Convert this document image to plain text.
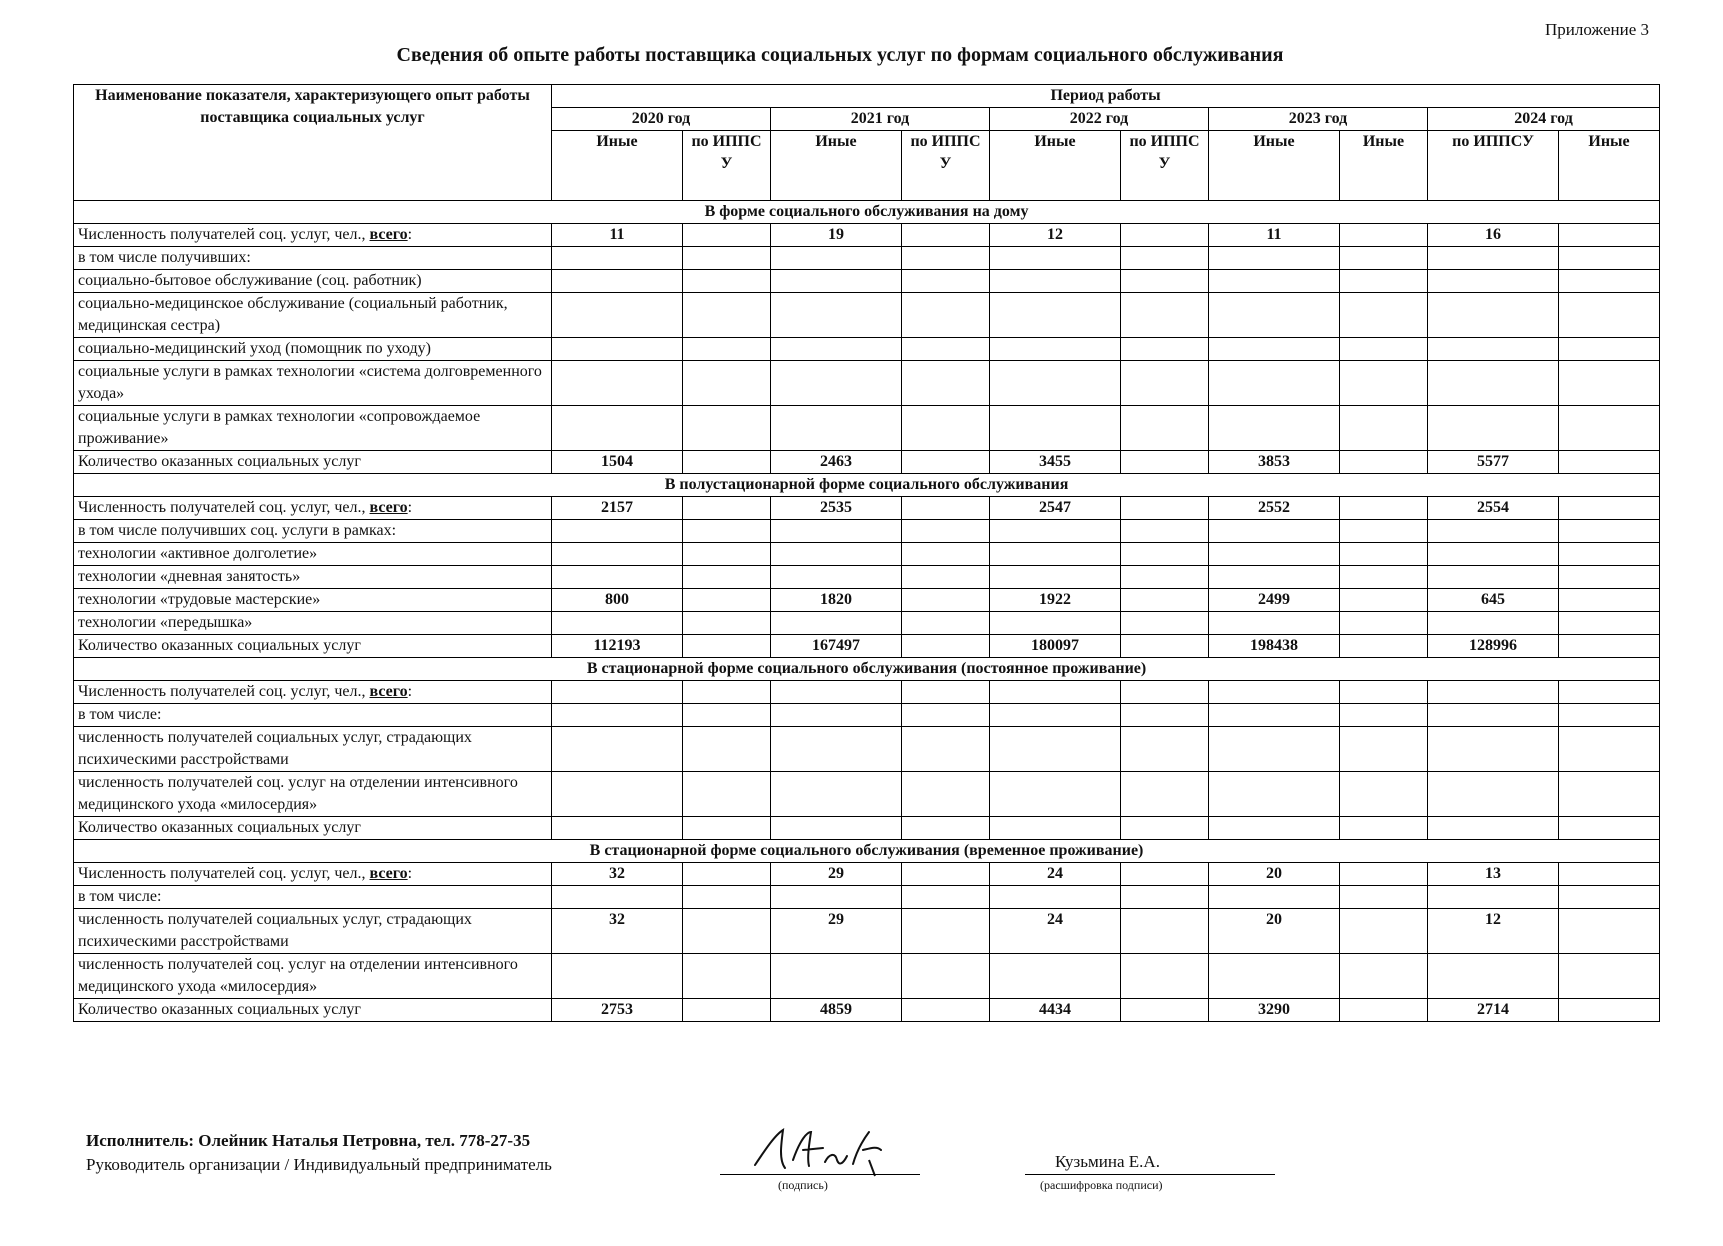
Приложение 3
Сведения об опыте работы поставщика социальных услуг по формам социального обслуживания
Наименование показателя, характеризующего опыт работы поставщика социальных услуг	Период работы									
	2020 год		2021 год		2022 год		2023 год		2024 год	
	Иные	по ИППС У	Иные	по ИППС У	Иные	по ИППС У	Иные	Иные	по ИППСУ	Иные
В форме социального обслуживания на дому										
Численность получателей соц. услуг, чел., всего:	11		19		12		11		16	
в том числе получивших:										
социально-бытовое обслуживание (соц. работник)										
социально-медицинское обслуживание (социальный работник, медицинская сестра)										
социально-медицинский уход (помощник по уходу)										
социальные услуги в рамках технологии «система долговременного ухода»										
социальные услуги в рамках технологии «сопровождаемое проживание»										
Количество оказанных социальных услуг	1504		2463		3455		3853		5577	
В полустационарной форме социального обслуживания										
Численность получателей соц. услуг, чел., всего:	2157		2535		2547		2552		2554	
в том числе получивших соц. услуги в рамках:										
технологии «активное долголетие»										
технологии «дневная занятость»										
технологии «трудовые мастерские»	800		1820		1922		2499		645	
технологии «передышка»										
Количество оказанных социальных услуг	112193		167497		180097		198438		128996	
В стационарной форме социального обслуживания (постоянное проживание)										
Численность получателей соц. услуг, чел., всего:										
в том числе:										
численность получателей социальных услуг, страдающих психическими расстройствами										
численность получателей соц. услуг на отделении интенсивного медицинского ухода «милосердия»										
Количество оказанных социальных услуг										
В стационарной форме социального обслуживания (временное проживание)										
Численность получателей соц. услуг, чел., всего:	32		29		24		20		13	
в том числе:										
численность получателей социальных услуг, страдающих психическими расстройствами	32		29		24		20		12	
численность получателей соц. услуг на отделении интенсивного медицинского ухода «милосердия»										
Количество оказанных социальных услуг	2753		4859		4434		3290		2714	
Исполнитель: Олейник Наталья Петровна, тел. 778-27-35
Руководитель организации / Индивидуальный предприниматель
(подпись)
Кузьмина Е.А.
(расшифровка подписи)
